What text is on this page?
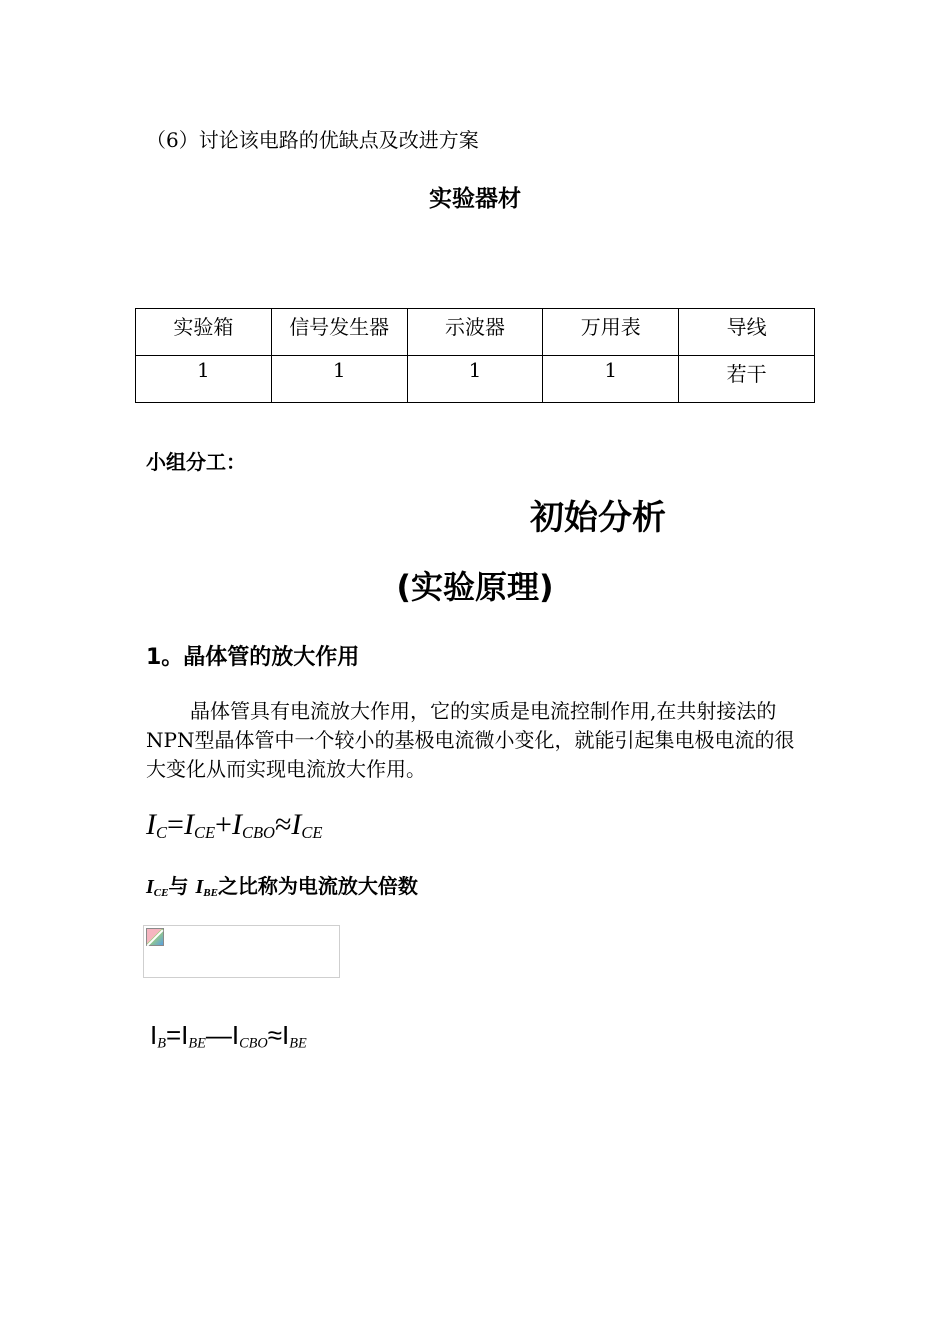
（6）讨论该电路的优缺点及改进方案
实验器材
实验箱	信号发生器	示波器	万用表	导线
1	1	1	1	若干
小组分工：
初始分析
(实验原理)
1。晶体管的放大作用
晶体管具有电流放大作用，它的实质是电流控制作用,在共射接法的NPN型晶体管中一个较小的基极电流微小变化，就能引起集电极电流的很大变化从而实现电流放大作用。
$I_C=I_{CE}+I_{CBO}\approx I_{CE}$
$I_{CE}$与 $I_{BE}$之比称为电流放大倍数
$I_B=I_{BE}—I_{CBO}\approx I_{BE}$
